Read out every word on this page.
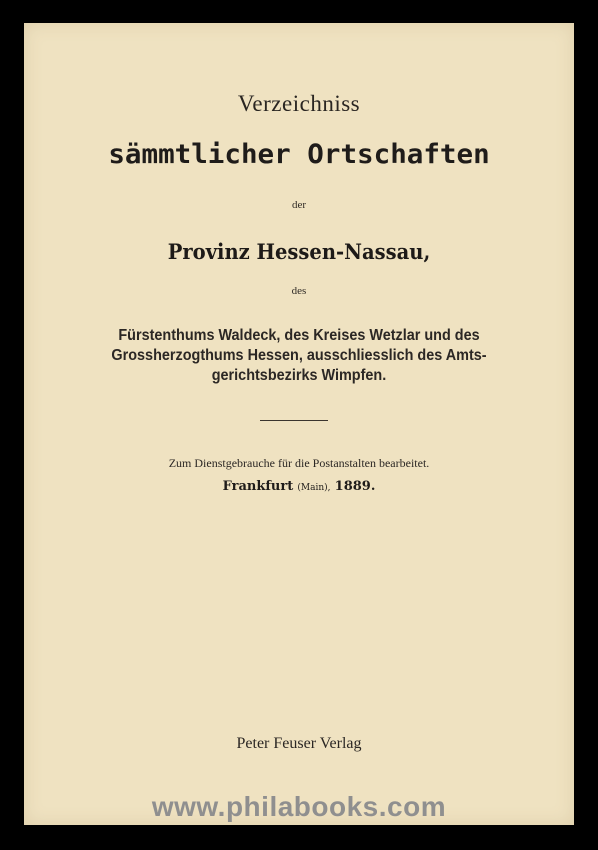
Verzeichniss
sämmtlicher Ortschaften
der
Provinz Hessen-Nassau,
des
Fürstenthums Waldeck, des Kreises Wetzlar und des
Grossherzogthums Hessen, ausschliesslich des Amts-
gerichtsbezirks Wimpfen.
Zum Dienstgebrauche für die Postanstalten bearbeitet.
Frankfurt (Main), 1889.
Peter Feuser Verlag
www.philabooks.com
